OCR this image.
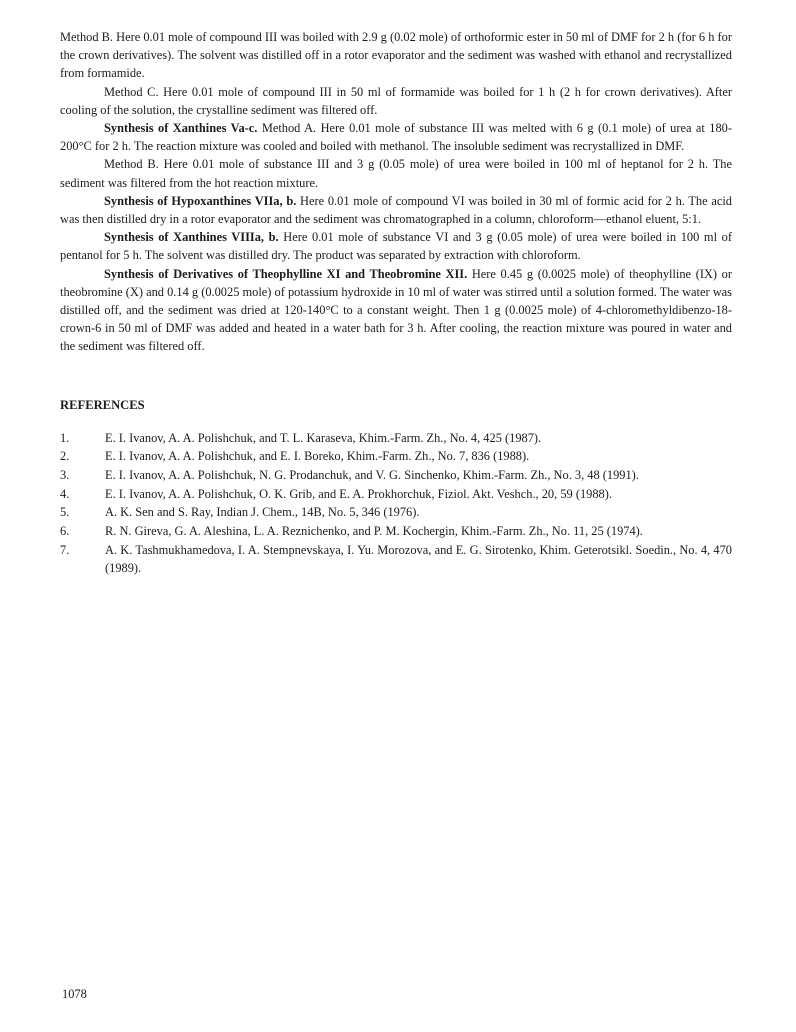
Method B. Here 0.01 mole of compound III was boiled with 2.9 g (0.02 mole) of orthoformic ester in 50 ml of DMF for 2 h (for 6 h for the crown derivatives). The solvent was distilled off in a rotor evaporator and the sediment was washed with ethanol and recrystallized from formamide.

Method C. Here 0.01 mole of compound III in 50 ml of formamide was boiled for 1 h (2 h for crown derivatives). After cooling of the solution, the crystalline sediment was filtered off.

Synthesis of Xanthines Va-c. Method A. Here 0.01 mole of substance III was melted with 6 g (0.1 mole) of urea at 180-200°C for 2 h. The reaction mixture was cooled and boiled with methanol. The insoluble sediment was recrystallized in DMF.

Method B. Here 0.01 mole of substance III and 3 g (0.05 mole) of urea were boiled in 100 ml of heptanol for 2 h. The sediment was filtered from the hot reaction mixture.

Synthesis of Hypoxanthines VIIa, b. Here 0.01 mole of compound VI was boiled in 30 ml of formic acid for 2 h. The acid was then distilled dry in a rotor evaporator and the sediment was chromatographed in a column, chloroform—ethanol eluent, 5:1.

Synthesis of Xanthines VIIIa, b. Here 0.01 mole of substance VI and 3 g (0.05 mole) of urea were boiled in 100 ml of pentanol for 5 h. The solvent was distilled dry. The product was separated by extraction with chloroform.

Synthesis of Derivatives of Theophylline XI and Theobromine XII. Here 0.45 g (0.0025 mole) of theophylline (IX) or theobromine (X) and 0.14 g (0.0025 mole) of potassium hydroxide in 10 ml of water was stirred until a solution formed. The water was distilled off, and the sediment was dried at 120-140°C to a constant weight. Then 1 g (0.0025 mole) of 4-chloromethyldibenzo-18-crown-6 in 50 ml of DMF was added and heated in a water bath for 3 h. After cooling, the reaction mixture was poured in water and the sediment was filtered off.

REFERENCES
1.	E. I. Ivanov, A. A. Polishchuk, and T. L. Karaseva, Khim.-Farm. Zh., No. 4, 425 (1987).
2.	E. I. Ivanov, A. A. Polishchuk, and E. I. Boreko, Khim.-Farm. Zh., No. 7, 836 (1988).
3.	E. I. Ivanov, A. A. Polishchuk, N. G. Prodanchuk, and V. G. Sinchenko, Khim.-Farm. Zh., No. 3, 48 (1991).
4.	E. I. Ivanov, A. A. Polishchuk, O. K. Grib, and E. A. Prokhorchuk, Fiziol. Akt. Veshch., 20, 59 (1988).
5.	A. K. Sen and S. Ray, Indian J. Chem., 14B, No. 5, 346 (1976).
6.	R. N. Gireva, G. A. Aleshina, L. A. Reznichenko, and P. M. Kochergin, Khim.-Farm. Zh., No. 11, 25 (1974).
7.	A. K. Tashmukhamedova, I. A. Stempnevskaya, I. Yu. Morozova, and E. G. Sirotenko, Khim. Geterotsikl. Soedin., No. 4, 470 (1989).
1078
